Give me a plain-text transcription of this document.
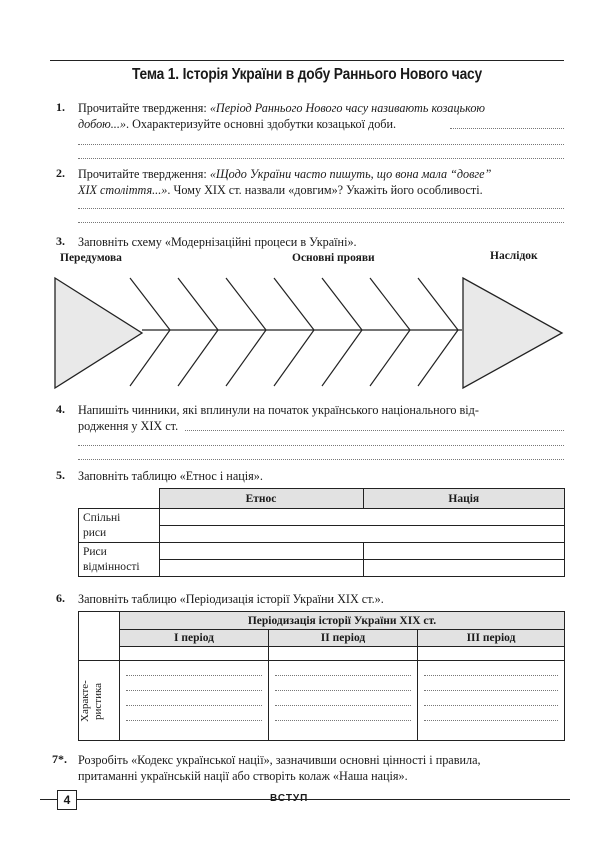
Тема 1. Історія України в добу Раннього Нового часу
1.	Прочитайте твердження: «Період Раннього Нового часу називають козацькою
добою...». Охарактеризуйте основні здобутки козацької доби.
2.	Прочитайте твердження: «Щодо України часто пишуть, що вона мала “довге”
XIX століття...». Чому XIX ст. назвали «довгим»? Укажіть його особливості.
3.	Заповніть схему «Модернізаційні процеси в Україні».
Передумова	Основні прояви	Наслідок
4.	Напишіть чинники, які вплинули на початок українського національного від-
родження у XIX ст.
5.	Заповніть таблицю «Етнос і нація».
	Етнос	Нація

Спільні
риси		

Риси
відмінності		

6.	Заповніть таблицю «Періодизація історії України XIX ст.».
	Періодизація історії України XIX ст.		
	I період	II період	III період

Характе-ристика			

7*. Розробіть «Кодекс української нації», зазначивши основні цінності і правила,
притаманні українській нації або створіть колаж «Наша нація».
4	ВСТУП
